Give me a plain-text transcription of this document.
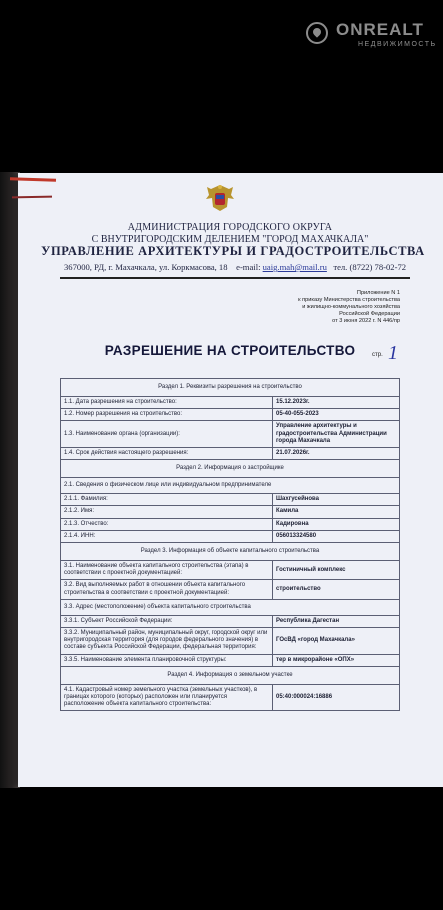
ONREALT
НЕДВИЖИМОСТЬ
АДМИНИСТРАЦИЯ ГОРОДСКОГО ОКРУГА
С ВНУТРИГОРОДСКИМ ДЕЛЕНИЕМ "ГОРОД МАХАЧКАЛА"
УПРАВЛЕНИЕ АРХИТЕКТУРЫ И ГРАДОСТРОИТЕЛЬСТВА
367000, РД, г. Махачкала, ул. Коркмасова, 18 e-mail: uaig.mah@mail.ru тел. (8722) 78-02-72
Приложение N 1
к приказу Министерства строительства
и жилищно-коммунального хозяйства
Российской Федерации
от 3 июня 2022 г. N 446/пр
РАЗРЕШЕНИЕ НА СТРОИТЕЛЬСТВО	стр. 1
Раздел 1. Реквизиты разрешения на строительство	
1.1. Дата разрешения на строительство:	15.12.2023г.
1.2. Номер разрешения на строительство:	05-40-055-2023
1.3. Наименование органа (организации):	Управление архитектуры и градостроительства Администрации города Махачкала
1.4. Срок действия настоящего разрешения:	21.07.2026г.
Раздел 2. Информация о застройщике	
2.1. Сведения о физическом лице или индивидуальном предпринимателе	
2.1.1. Фамилия:	Шахгусейнова
2.1.2. Имя:	Камила
2.1.3. Отчество:	Кадировна
2.1.4. ИНН:	056013324580
Раздел 3. Информация об объекте капитального строительства	
3.1. Наименование объекта капитального строительства (этапа) в соответствии с проектной документацией:	Гостиничный комплекс
3.2. Вид выполняемых работ в отношении объекта капитального строительства в соответствии с проектной документацией:	строительство
3.3. Адрес (местоположение) объекта капитального строительства	
3.3.1. Субъект Российской Федерации:	Республика Дагестан
3.3.2. Муниципальный район, муниципальный округ, городской округ или внутригородская территория (для городов федерального значения) в составе субъекта Российской Федерации, федеральная территория:	ГОсВД «город Махачкала»
3.3.5. Наименование элемента планировочной структуры:	тер в микрорайоне «ОПХ»
Раздел 4. Информация о земельном участке	
4.1. Кадастровый номер земельного участка (земельных участков), в границах которого (которых) расположен или планируется расположение объекта капитального строительства:	05:40:000024:16886
